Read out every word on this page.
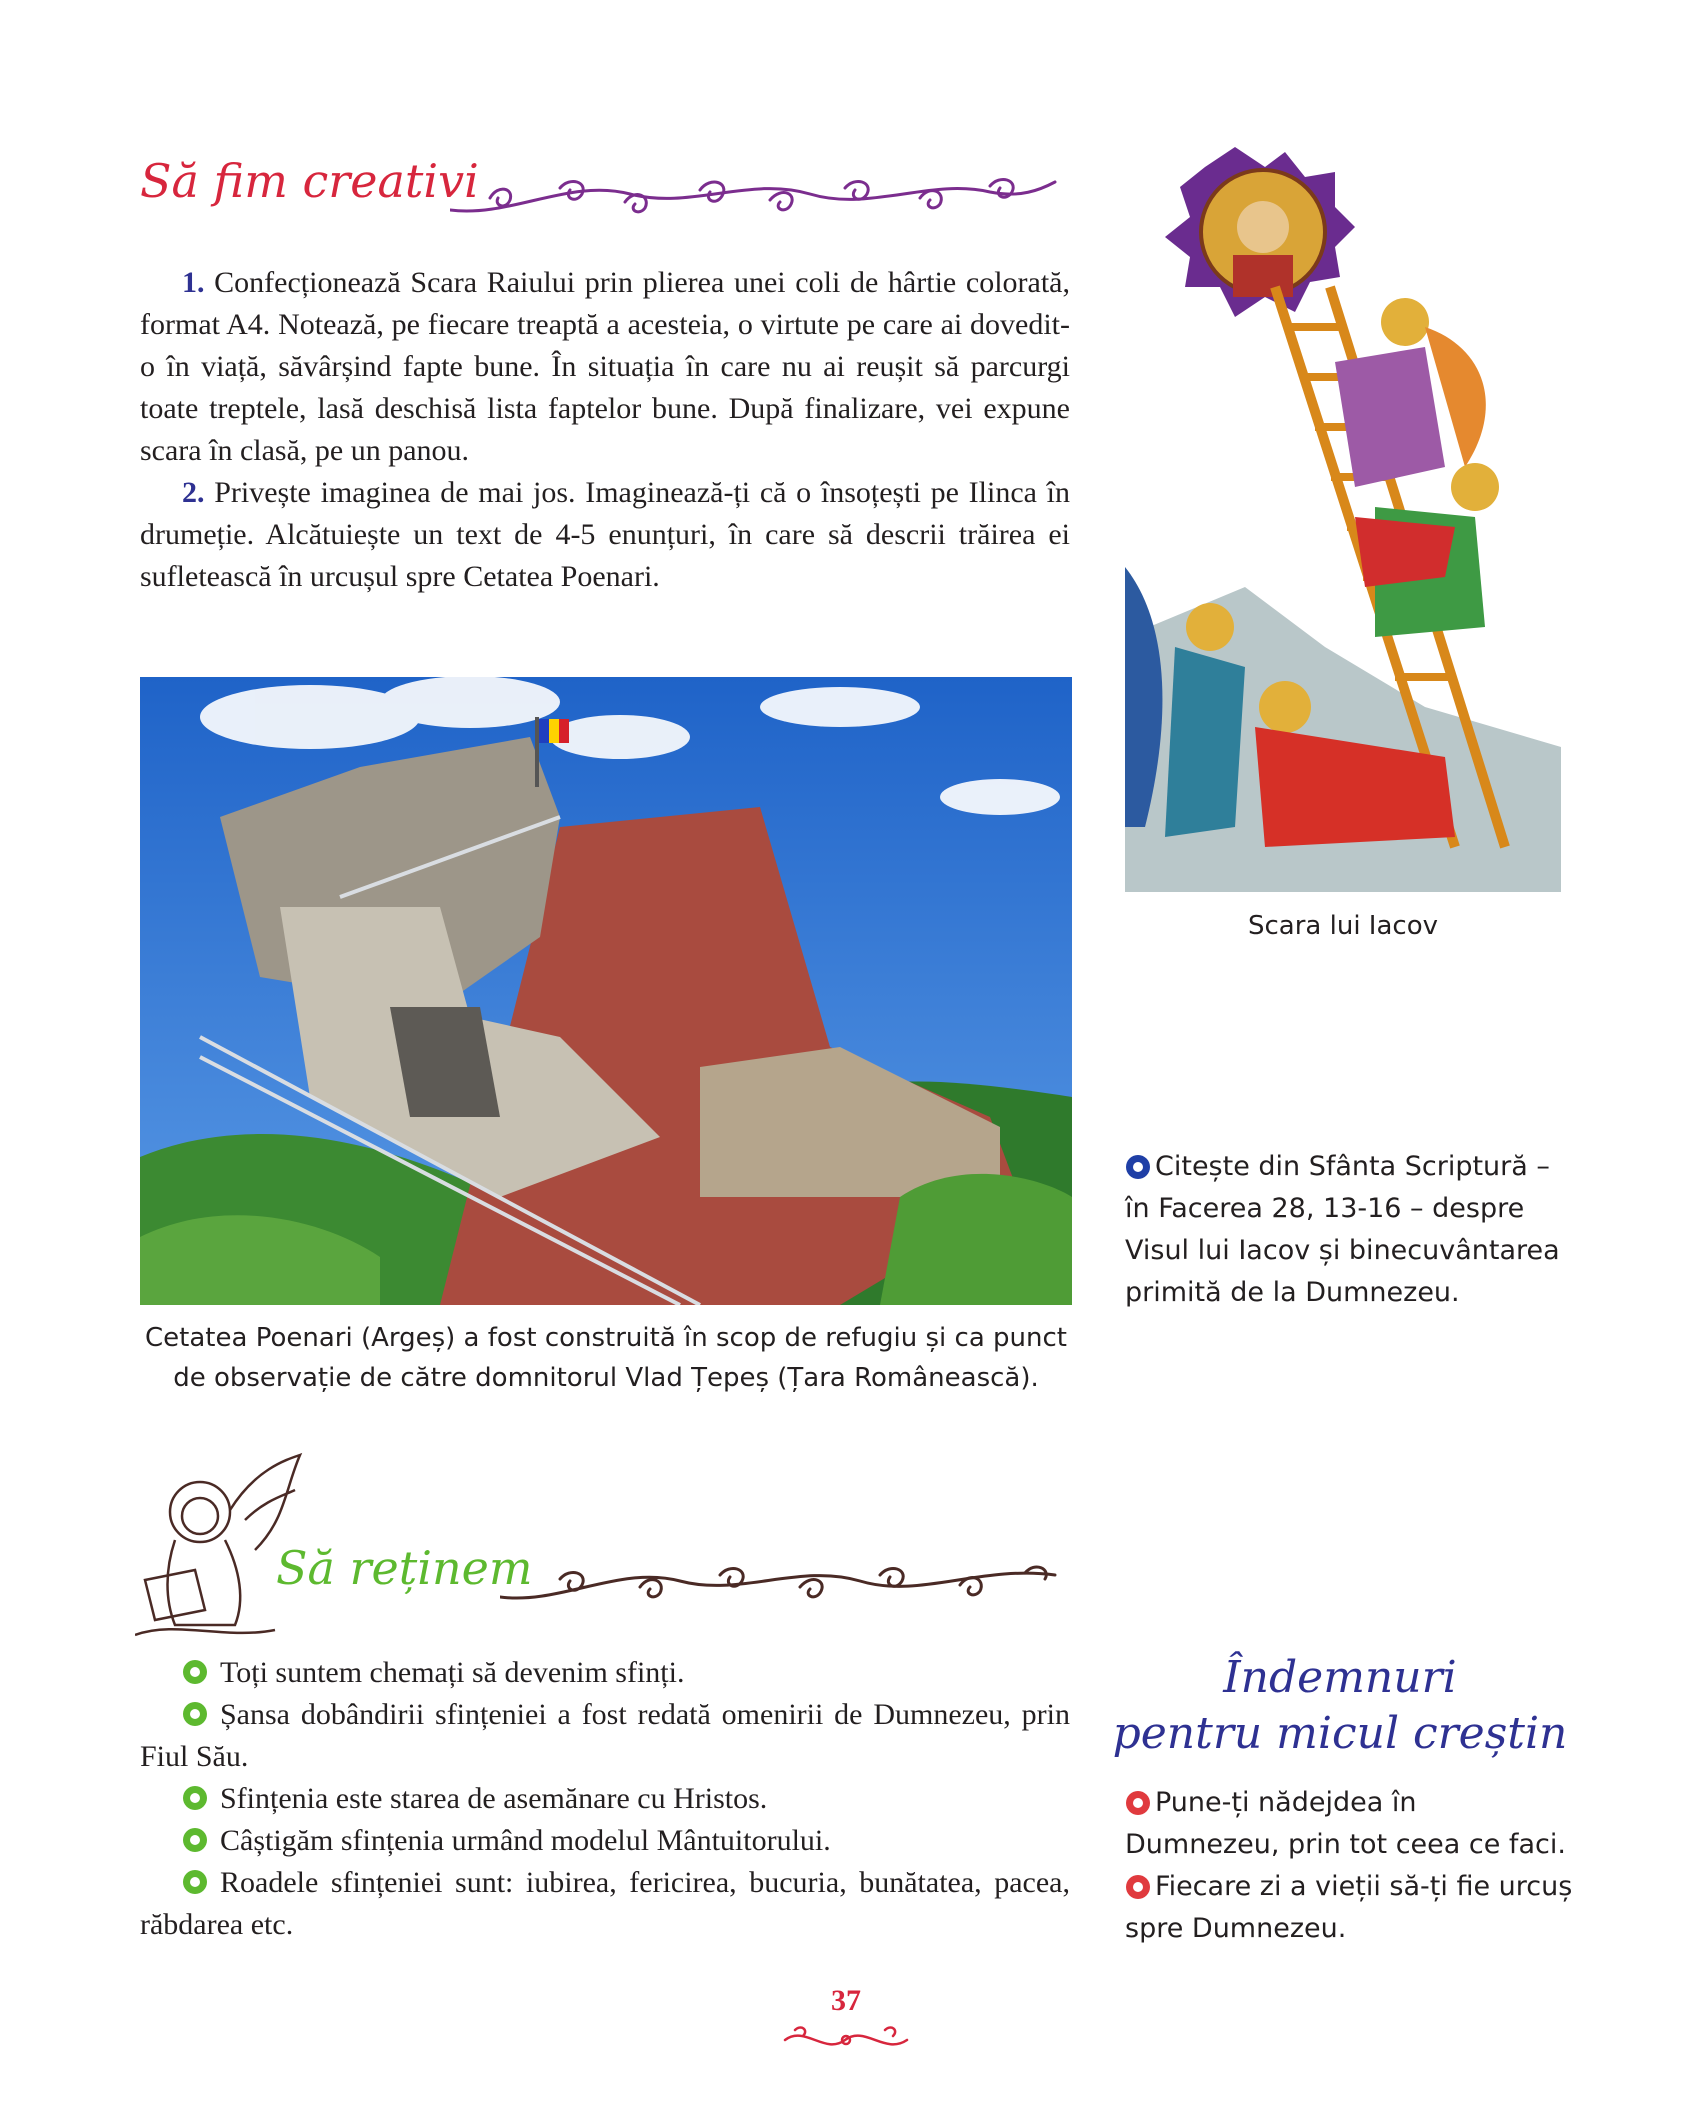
Să fim creativi

1. Confecționează Scara Raiului prin plierea unei coli de hârtie colorată, format A4. Notează, pe fiecare treaptă a acesteia, o virtute pe care ai dovedit-o în viață, săvârșind fapte bune. În situația în care nu ai reușit să parcurgi toate treptele, lasă deschisă lista faptelor bune. După finalizare, vei expune scara în clasă, pe un panou.

2. Privește imaginea de mai jos. Imaginează-ți că o însoțești pe Ilinca în drumeție. Alcătuiește un text de 4-5 enunțuri, în care să descrii trăirea ei sufletească în urcușul spre Cetatea Poenari.

Cetatea Poenari (Argeș) a fost construită în scop de refugiu și ca punct de observație de către domnitorul Vlad Țepeș (Țara Românească).
Scara lui Iacov

Citește din Sfânta Scriptură – în Facerea 28, 13-16 – despre Visul lui Iacov și binecuvântarea primită de la Dumnezeu.

Să reținem
Toți suntem chemați să devenim sfinți.
Șansa dobândirii sfințeniei a fost redată omenirii de Dumnezeu, prin Fiul Său.
Sfințenia este starea de asemănare cu Hristos.
Câștigăm sfințenia urmând modelul Mântuitorului.
Roadele sfințeniei sunt: iubirea, fericirea, bucuria, bunătatea, pacea, răbdarea etc.
Îndemnuri
pentru micul creștin

Pune-ți nădejdea în Dumnezeu, prin tot ceea ce faci.

Fiecare zi a vieții să-ți fie urcuș spre Dumnezeu.

37
